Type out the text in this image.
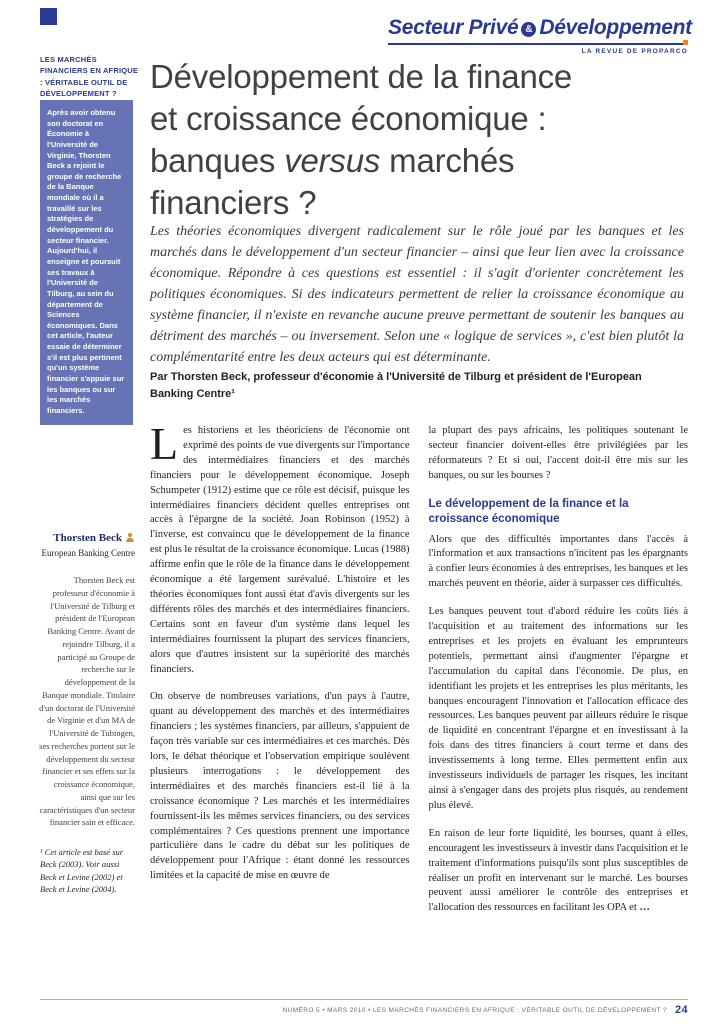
LES MARCHÉS FINANCIERS EN AFRIQUE : VÉRITABLE OUTIL DE DÉVELOPPEMENT ?
Après avoir obtenu son doctorat en Économie à l'Université de Virginie, Thorsten Beck a rejoint le groupe de recherche de la Banque mondiale où il a travaillé sur les stratégies de développement du secteur financier. Aujourd'hui, il enseigne et poursuit ses travaux à l'Université de Tilburg, au sein du département de Sciences économiques. Dans cet article, l'auteur essaie de déterminer s'il est plus pertinent qu'un système financier s'appuie sur les banques ou sur les marchés financiers.
Thorsten Beck
European Banking Centre
Thorsten Beck est professeur d'économie à l'Université de Tilburg et président de l'European Banking Centre. Avant de rejoindre Tilburg, il a participé au Groupe de recherche sur le développement de la Banque mondiale. Titulaire d'un doctorat de l'Université de Virginie et d'un MA de l'Université de Tubingen, ses recherches portent sur le développement du secteur financier et ses effets sur la croissance économique, ainsi que sur les caractéristiques d'un secteur financier sain et efficace.
¹ Cet article est basé sur Beck (2003). Voir aussi Beck et Levine (2002) et Beck et Levine (2004).
Secteur Privé & Développement
LA REVUE DE PROPARCO
Développement de la finance
et croissance économique :
banques versus marchés
financiers ?

Les théories économiques divergent radicalement sur le rôle joué par les banques et les marchés dans le développement d'un secteur financier – ainsi que leur lien avec la croissance économique. Répondre à ces questions est essentiel : il s'agit d'orienter concrètement les politiques économiques. Si des indicateurs permettent de relier la croissance économique au système financier, il n'existe en revanche aucune preuve permettant de soutenir les banques au détriment des marchés – ou inversement. Selon une « logique de services », c'est bien plutôt la complémentarité entre les deux acteurs qui est déterminante.

Par Thorsten Beck, professeur d'économie à l'Université de Tilburg et président de l'European Banking Centre¹

Les historiens et les théoriciens de l'économie ont exprimé des points de vue divergents sur l'importance des intermédiaires financiers et des marchés financiers pour le développement économique. Joseph Schumpeter (1912) estime que ce rôle est décisif, puisque les intermédiaires financiers décident quelles entreprises ont accès à l'épargne de la société. Joan Robinson (1952) à l'inverse, est convaincu que le développement de la finance est plus le résultat de la croissance économique. Lucas (1988) affirme enfin que le rôle de la finance dans le développement économique a été largement surévalué. L'histoire et les théories économiques font aussi état d'avis divergents sur les différents rôles des marchés et des intermédiaires financiers. Certains sont en faveur d'un système dans lequel les intermédiaires fournissent la plupart des services financiers, alors que d'autres insistent sur la supériorité des marchés financiers.

On observe de nombreuses variations, d'un pays à l'autre, quant au développement des marchés et des intermédiaires financiers ; les systèmes financiers, par ailleurs, s'appuient de façon très variable sur ces intermédiaires et ces marchés. Dès lors, le débat théorique et l'observation empirique soulèvent plusieurs interrogations : le développement des intermédiaires et des marchés financiers est-il lié à la croissance économique ? Les marchés et les intermédiaires fournissent-ils les mêmes services financiers, ou des services complémentaires ? Ces questions prennent une importance particulière dans le cadre du débat sur les politiques de développement pour l'Afrique : étant donné les ressources limitées et la capacité de mise en œuvre de

la plupart des pays africains, les politiques soutenant le secteur financier doivent-elles être privilégiées par les réformateurs ? Et si oui, l'accent doit-il être mis sur les banques, ou sur les bourses ?

Le développement de la finance et la croissance économique

Alors que des difficultés importantes dans l'accès à l'information et aux transactions n'incitent pas les épargnants à confier leurs économies à des entreprises, les banques et les marchés peuvent en théorie, aider à surpasser ces difficultés.

Les banques peuvent tout d'abord réduire les coûts liés à l'acquisition et au traitement des informations sur les entreprises et les projets en évaluant les emprunteurs potentiels, permettant ainsi d'augmenter l'épargne et l'accumulation du capital dans l'économie. De plus, en identifiant les projets et les entreprises les plus méritants, les banques encouragent l'innovation et l'allocation efficace des ressources. Les banques peuvent par ailleurs réduire le risque de liquidité en concentrant l'épargne et en investissant à la fois dans des titres financiers à court terme et dans des investissements à long terme. Elles permettent enfin aux investisseurs individuels de partager les risques, les incitant ainsi à s'engager dans des projets plus risqués, au rendement plus élevé.

En raison de leur forte liquidité, les bourses, quant à elles, encouragent les investisseurs à investir dans l'acquisition et le traitement d'informations puisqu'ils sont plus susceptibles de réaliser un profit en intervenant sur le marché. Les bourses peuvent aussi améliorer le contrôle des entreprises et l'allocation des ressources en facilitant les OPA et …

NUMÉRO 5 • MARS 2010 • LES MARCHÉS FINANCIERS EN AFRIQUE : VÉRITABLE OUTIL DE DÉVELOPPEMENT ? 24
